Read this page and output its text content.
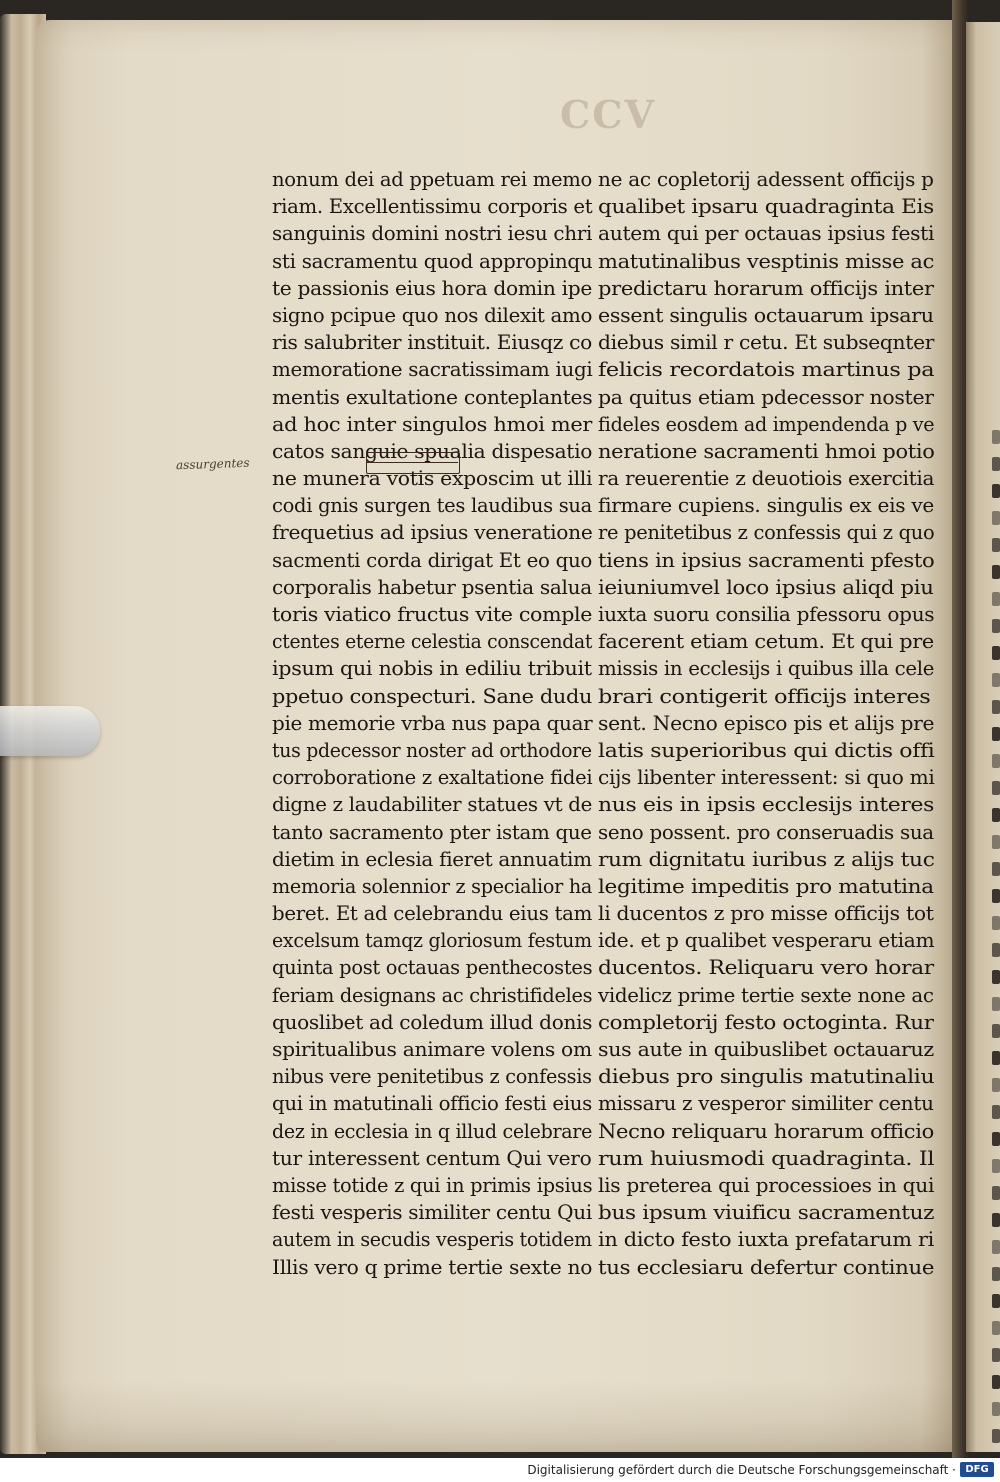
CCV
nonum dei ad ppetuam rei memo
riam. Excellentissimu corporis et
sanguinis domini nostri iesu chri
sti sacramentu quod appropinqu
te passionis eius hora domin ipe
signo pcipue quo nos dilexit amo
ris salubriter instituit. Eiusqz co
memoratione sacratissimam iugi
mentis exultatione conteplantes
ad hoc inter singulos hmoi mer
catos sanguie spualia dispesatio
ne munera votis exposcim ut illi
codi gnis surgen tes laudibus sua
frequetius ad ipsius veneratione
sacmenti corda dirigat Et eo quo
corporalis habetur psentia salua
toris viatico fructus vite comple
ctentes eterne celestia conscendat
ipsum qui nobis in ediliu tribuit
ppetuo conspecturi. Sane dudu
pie memorie vrba nus papa quar
tus pdecessor noster ad orthodore
corroboratione z exaltatione fidei
digne z laudabiliter statues vt de
tanto sacramento pter istam que
dietim in eclesia fieret annuatim
memoria solennior z specialior ha
beret. Et ad celebrandu eius tam
excelsum tamqz gloriosum festum
quinta post octauas penthecostes
feriam designans ac christifideles
quoslibet ad coledum illud donis
spiritualibus animare volens om
nibus vere penitetibus z confessis
qui in matutinali officio festi eius
dez in ecclesia in q illud celebrare
tur interessent centum Qui vero
misse totide z qui in primis ipsius
festi vesperis similiter centu Qui
autem in secudis vesperis totidem
Illis vero q prime tertie sexte no
ne ac copletorij adessent officijs p
qualibet ipsaru quadraginta Eis
autem qui per octauas ipsius festi
matutinalibus vesptinis misse ac
predictaru horarum officijs inter
essent singulis octauarum ipsaru
diebus simil r cetu. Et subseqnter
felicis recordatois martinus pa
pa quitus etiam pdecessor noster
fideles eosdem ad impendenda p ve
neratione sacramenti hmoi potio
ra reuerentie z deuotiois exercitia
firmare cupiens. singulis ex eis ve
re penitetibus z confessis qui z quo
tiens in ipsius sacramenti pfesto
ieiuniumvel loco ipsius aliqd piu
iuxta suoru consilia pfessoru opus
facerent etiam cetum. Et qui pre
missis in ecclesijs i quibus illa cele
brari contigerit officijs interes
sent. Necno episco pis et alijs pre
latis superioribus qui dictis offi
cijs libenter interessent: si quo mi
nus eis in ipsis ecclesijs interes
seno possent. pro conseruadis sua
rum dignitatu iuribus z alijs tuc
legitime impeditis pro matutina
li ducentos z pro misse officijs tot
ide. et p qualibet vesperaru etiam
ducentos. Reliquaru vero horar
videlicz prime tertie sexte none ac
completorij festo octoginta. Rur
sus aute in quibuslibet octauaruz
diebus pro singulis matutinaliu
missaru z vesperor similiter centu
Necno reliquaru horarum officio
rum huiusmodi quadraginta. Il
lis preterea qui processioes in qui
bus ipsum viuificu sacramentuz
in dicto festo iuxta prefatarum ri
tus ecclesiaru defertur continue
assurgentes
Digitalisierung gefördert durch die Deutsche Forschungsgemeinschaft · DFG
